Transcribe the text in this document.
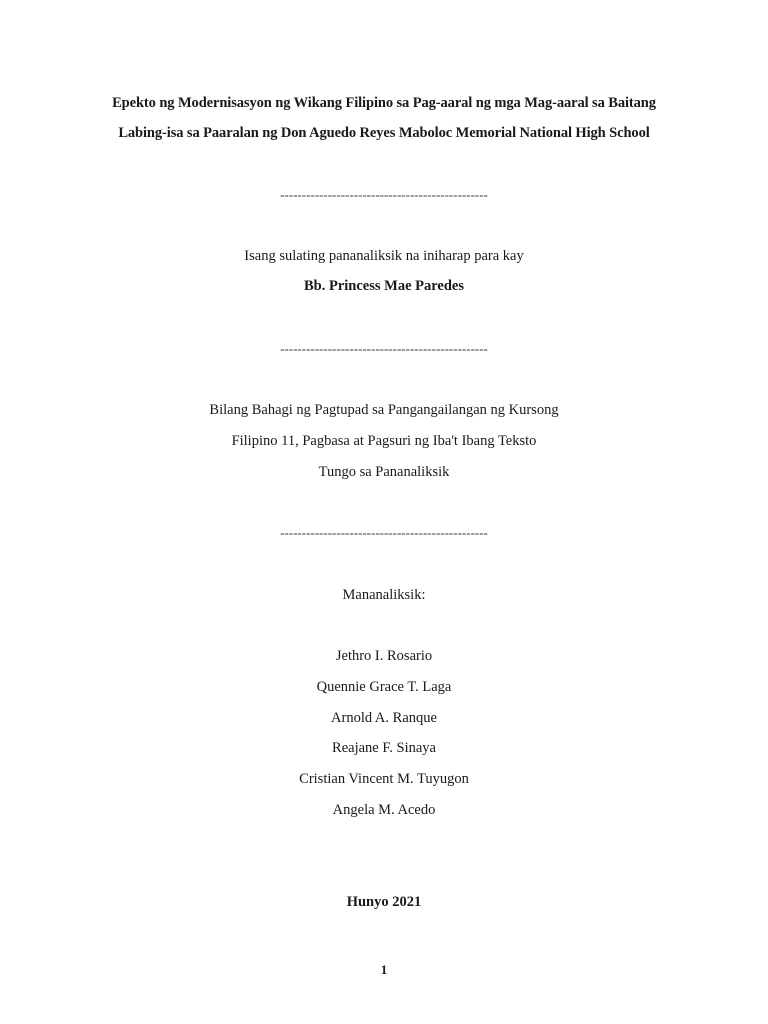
Epekto ng Modernisasyon ng Wikang Filipino sa Pag-aaral ng mga Mag-aaral sa Baitang
Labing-isa sa Paaralan ng Don Aguedo Reyes Maboloc Memorial National High School
------------------------------------------------
Isang sulating pananaliksik na iniharap para kay
Bb. Princess Mae Paredes
------------------------------------------------
Bilang Bahagi ng Pagtupad sa Pangangailangan ng Kursong
Filipino 11, Pagbasa at Pagsuri ng Iba't Ibang Teksto
Tungo sa Pananaliksik
------------------------------------------------
Mananaliksik:
Jethro I. Rosario
Quennie Grace T. Laga
Arnold A. Ranque
Reajane F. Sinaya
Cristian Vincent M. Tuyugon
Angela M. Acedo
Hunyo 2021
1
